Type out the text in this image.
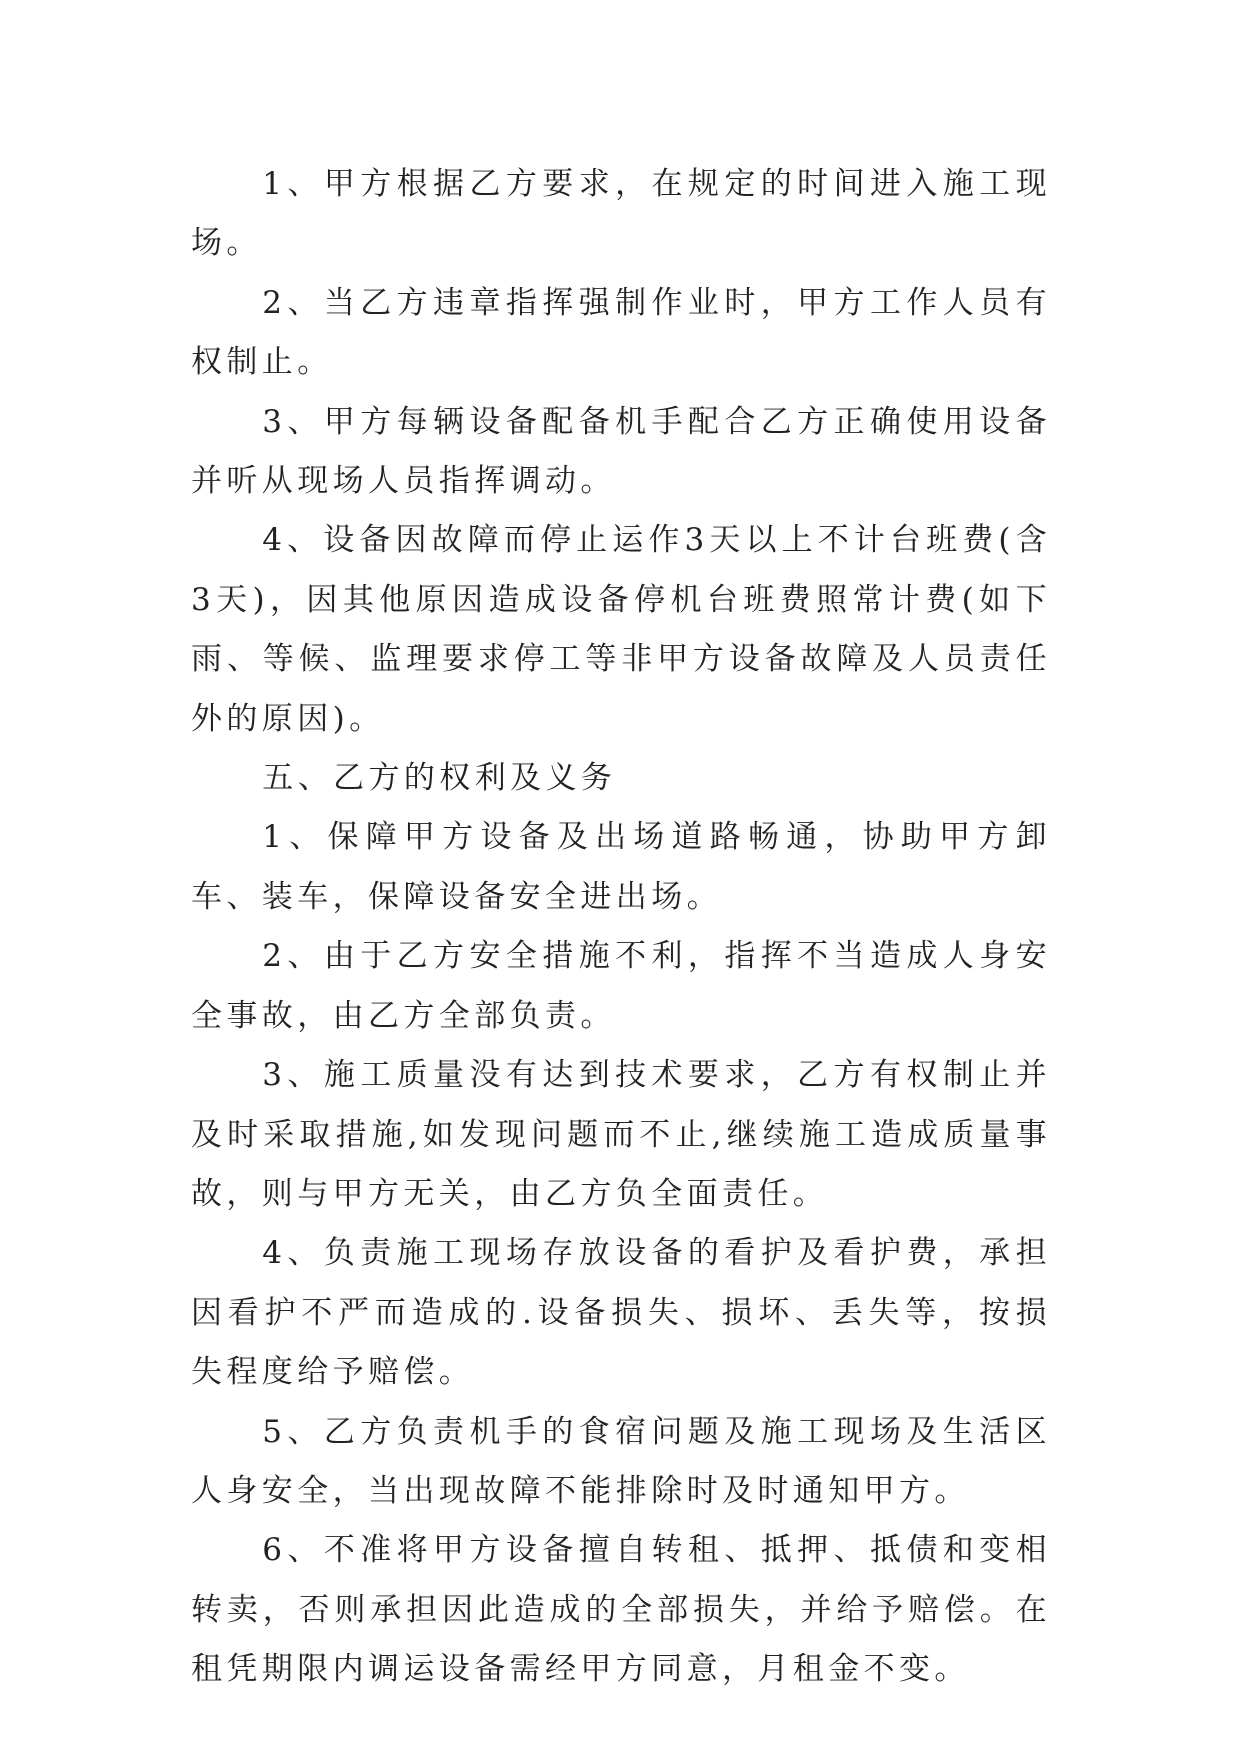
1、甲方根据乙方要求，在规定的时间进入施工现场。

2、当乙方违章指挥强制作业时，甲方工作人员有权制止。

3、甲方每辆设备配备机手配合乙方正确使用设备并听从现场人员指挥调动。

4、设备因故障而停止运作3天以上不计台班费(含3天)，因其他原因造成设备停机台班费照常计费(如下雨、等候、监理要求停工等非甲方设备故障及人员责任外的原因)。

五、乙方的权利及义务

1、保障甲方设备及出场道路畅通，协助甲方卸车、装车，保障设备安全进出场。

2、由于乙方安全措施不利，指挥不当造成人身安全事故，由乙方全部负责。

3、施工质量没有达到技术要求，乙方有权制止并及时采取措施,如发现问题而不止,继续施工造成质量事故，则与甲方无关，由乙方负全面责任。

4、负责施工现场存放设备的看护及看护费，承担因看护不严而造成的.设备损失、损坏、丢失等，按损失程度给予赔偿。

5、乙方负责机手的食宿问题及施工现场及生活区人身安全，当出现故障不能排除时及时通知甲方。

6、不准将甲方设备擅自转租、抵押、抵债和变相转卖，否则承担因此造成的全部损失，并给予赔偿。在租凭期限内调运设备需经甲方同意，月租金不变。
